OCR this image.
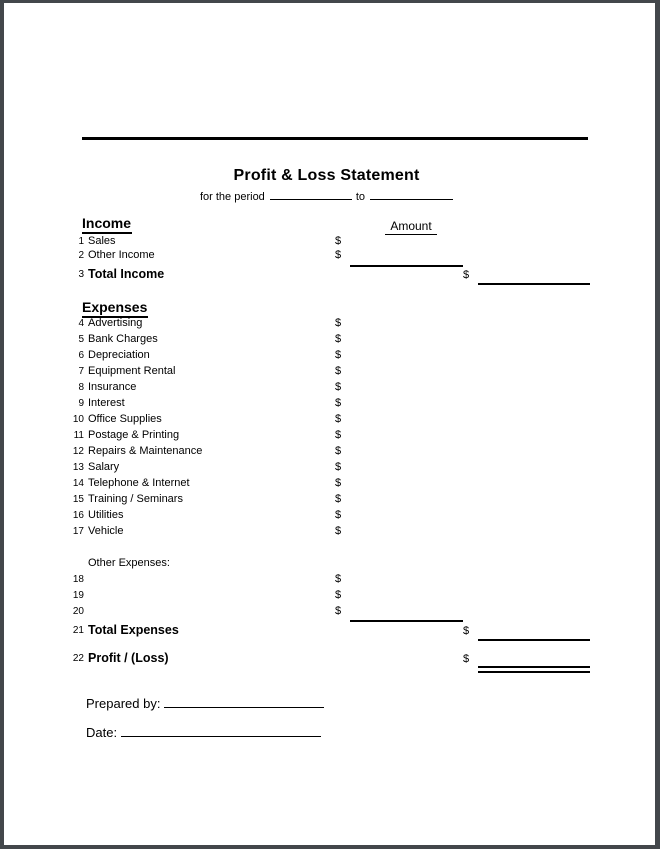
Profit & Loss Statement
for the period	to
Income	Amount
1 Sales	$
2 Other Income	$
3 Total Income	$
Expenses
4 Advertising	$
5 Bank Charges	$
6 Depreciation	$
7 Equipment Rental	$
8 Insurance	$
9 Interest	$
10 Office Supplies	$
11 Postage & Printing	$
12 Repairs & Maintenance	$
13 Salary	$
14 Telephone & Internet	$
15 Training / Seminars	$
16 Utilities	$
17 Vehicle	$
Other Expenses:
18	$
19	$
20	$
21 Total Expenses	$
22 Profit / (Loss)	$
Prepared by:
Date:
